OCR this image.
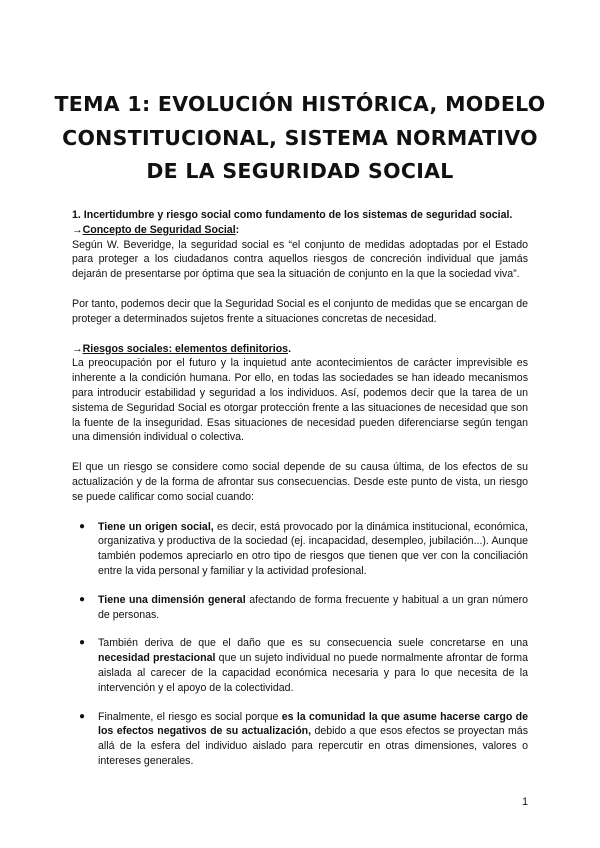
TEMA 1: EVOLUCIÓN HISTÓRICA, MODELO
CONSTITUCIONAL, SISTEMA NORMATIVO
DE LA SEGURIDAD SOCIAL

1. Incertidumbre y riesgo social como fundamento de los sistemas de seguridad social.

→Concepto de Seguridad Social:

Según W. Beveridge, la seguridad social es “el conjunto de medidas adoptadas por el Estado para proteger a los ciudadanos contra aquellos riesgos de concreción individual que jamás dejarán de presentarse por óptima que sea la situación de conjunto en la que la sociedad viva”.

Por tanto, podemos decir que la Seguridad Social es el conjunto de medidas que se encargan de proteger a determinados sujetos frente a situaciones concretas de necesidad.

→Riesgos sociales: elementos definitorios.

La preocupación por el futuro y la inquietud ante acontecimientos de carácter imprevisible es inherente a la condición humana. Por ello, en todas las sociedades se han ideado mecanismos para introducir estabilidad y seguridad a los individuos. Así, podemos decir que la tarea de un sistema de Seguridad Social es otorgar protección frente a las situaciones de necesidad que son la fuente de la inseguridad. Esas situaciones de necesidad pueden diferenciarse según tengan una dimensión individual o colectiva.

El que un riesgo se considere como social depende de su causa última, de los efectos de su actualización y de la forma de afrontar sus consecuencias. Desde este punto de vista, un riesgo se puede calificar como social cuando:

● Tiene un origen social, es decir, está provocado por la dinámica institucional, económica, organizativa y productiva de la sociedad (ej. incapacidad, desempleo, jubilación...). Aunque también podemos apreciarlo en otro tipo de riesgos que tienen que ver con la conciliación entre la vida personal y familiar y la actividad profesional.
● Tiene una dimensión general afectando de forma frecuente y habitual a un gran número de personas.
● También deriva de que el daño que es su consecuencia suele concretarse en una necesidad prestacional que un sujeto individual no puede normalmente afrontar de forma aislada al carecer de la capacidad económica necesaria y para lo que necesita de la intervención y el apoyo de la colectividad.
● Finalmente, el riesgo es social porque es la comunidad la que asume hacerse cargo de los efectos negativos de su actualización, debido a que esos efectos se proyectan más allá de la esfera del individuo aislado para repercutir en otras dimensiones, valores o intereses generales.
1
